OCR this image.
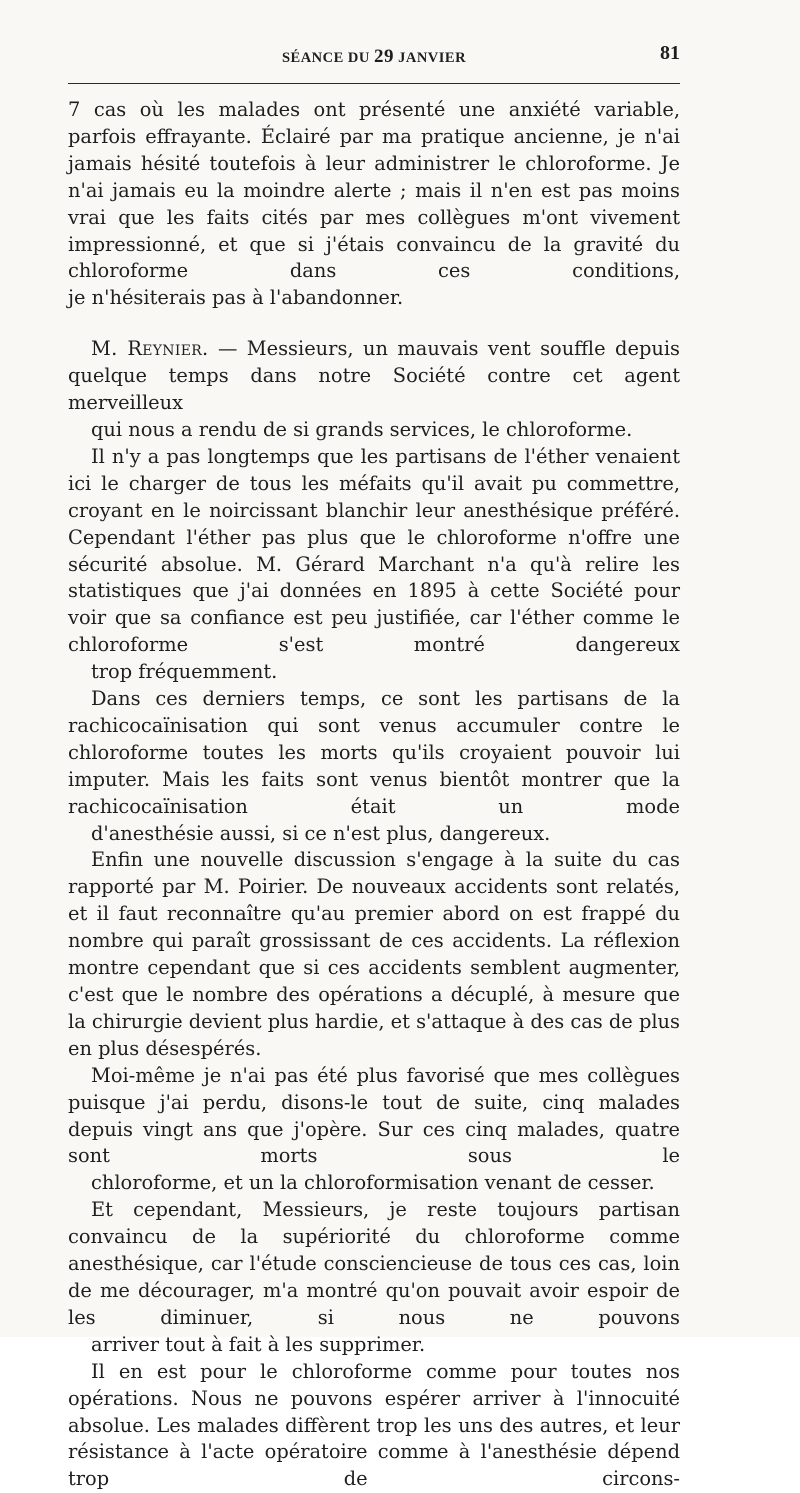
SÉANCE DU 29 JANVIER	81

7 cas où les malades ont présenté une anxiété variable, parfois effrayante. Éclairé par ma pratique ancienne, je n'ai jamais hésité toutefois à leur administrer le chloroforme. Je n'ai jamais eu la moindre alerte ; mais il n'en est pas moins vrai que les faits cités par mes collègues m'ont vivement impressionné, et que si j'étais convaincu de la gravité du chloroforme dans ces conditions,
je n'hésiterais pas à l'abandonner.

M. Reynier. — Messieurs, un mauvais vent souffle depuis quelque temps dans notre Société contre cet agent merveilleux
qui nous a rendu de si grands services, le chloroforme.

Il n'y a pas longtemps que les partisans de l'éther venaient ici le charger de tous les méfaits qu'il avait pu commettre, croyant en le noircissant blanchir leur anesthésique préféré. Cependant l'éther pas plus que le chloroforme n'offre une sécurité absolue. M. Gérard Marchant n'a qu'à relire les statistiques que j'ai données en 1895 à cette Société pour voir que sa confiance est peu justifiée, car l'éther comme le chloroforme s'est montré dangereux
trop fréquemment.

Dans ces derniers temps, ce sont les partisans de la rachicocaïnisation qui sont venus accumuler contre le chloroforme toutes les morts qu'ils croyaient pouvoir lui imputer. Mais les faits sont venus bientôt montrer que la rachicocaïnisation était un mode
d'anesthésie aussi, si ce n'est plus, dangereux.

Enfin une nouvelle discussion s'engage à la suite du cas rapporté par M. Poirier. De nouveaux accidents sont relatés, et il faut reconnaître qu'au premier abord on est frappé du nombre qui paraît grossissant de ces accidents. La réflexion montre cependant que si ces accidents semblent augmenter, c'est que le nombre des opérations a décuplé, à mesure que la chirurgie devient plus hardie, et s'attaque à des cas de plus en plus désespérés.

Moi-même je n'ai pas été plus favorisé que mes collègues puisque j'ai perdu, disons-le tout de suite, cinq malades depuis vingt ans que j'opère. Sur ces cinq malades, quatre sont morts sous le
chloroforme, et un la chloroformisation venant de cesser.

Et cependant, Messieurs, je reste toujours partisan convaincu de la supériorité du chloroforme comme anesthésique, car l'étude consciencieuse de tous ces cas, loin de me décourager, m'a montré qu'on pouvait avoir espoir de les diminuer, si nous ne pouvons
arriver tout à fait à les supprimer.

Il en est pour le chloroforme comme pour toutes nos opérations. Nous ne pouvons espérer arriver à l'innocuité absolue. Les malades diffèrent trop les uns des autres, et leur résistance à l'acte opératoire comme à l'anesthésie dépend trop de circons-
